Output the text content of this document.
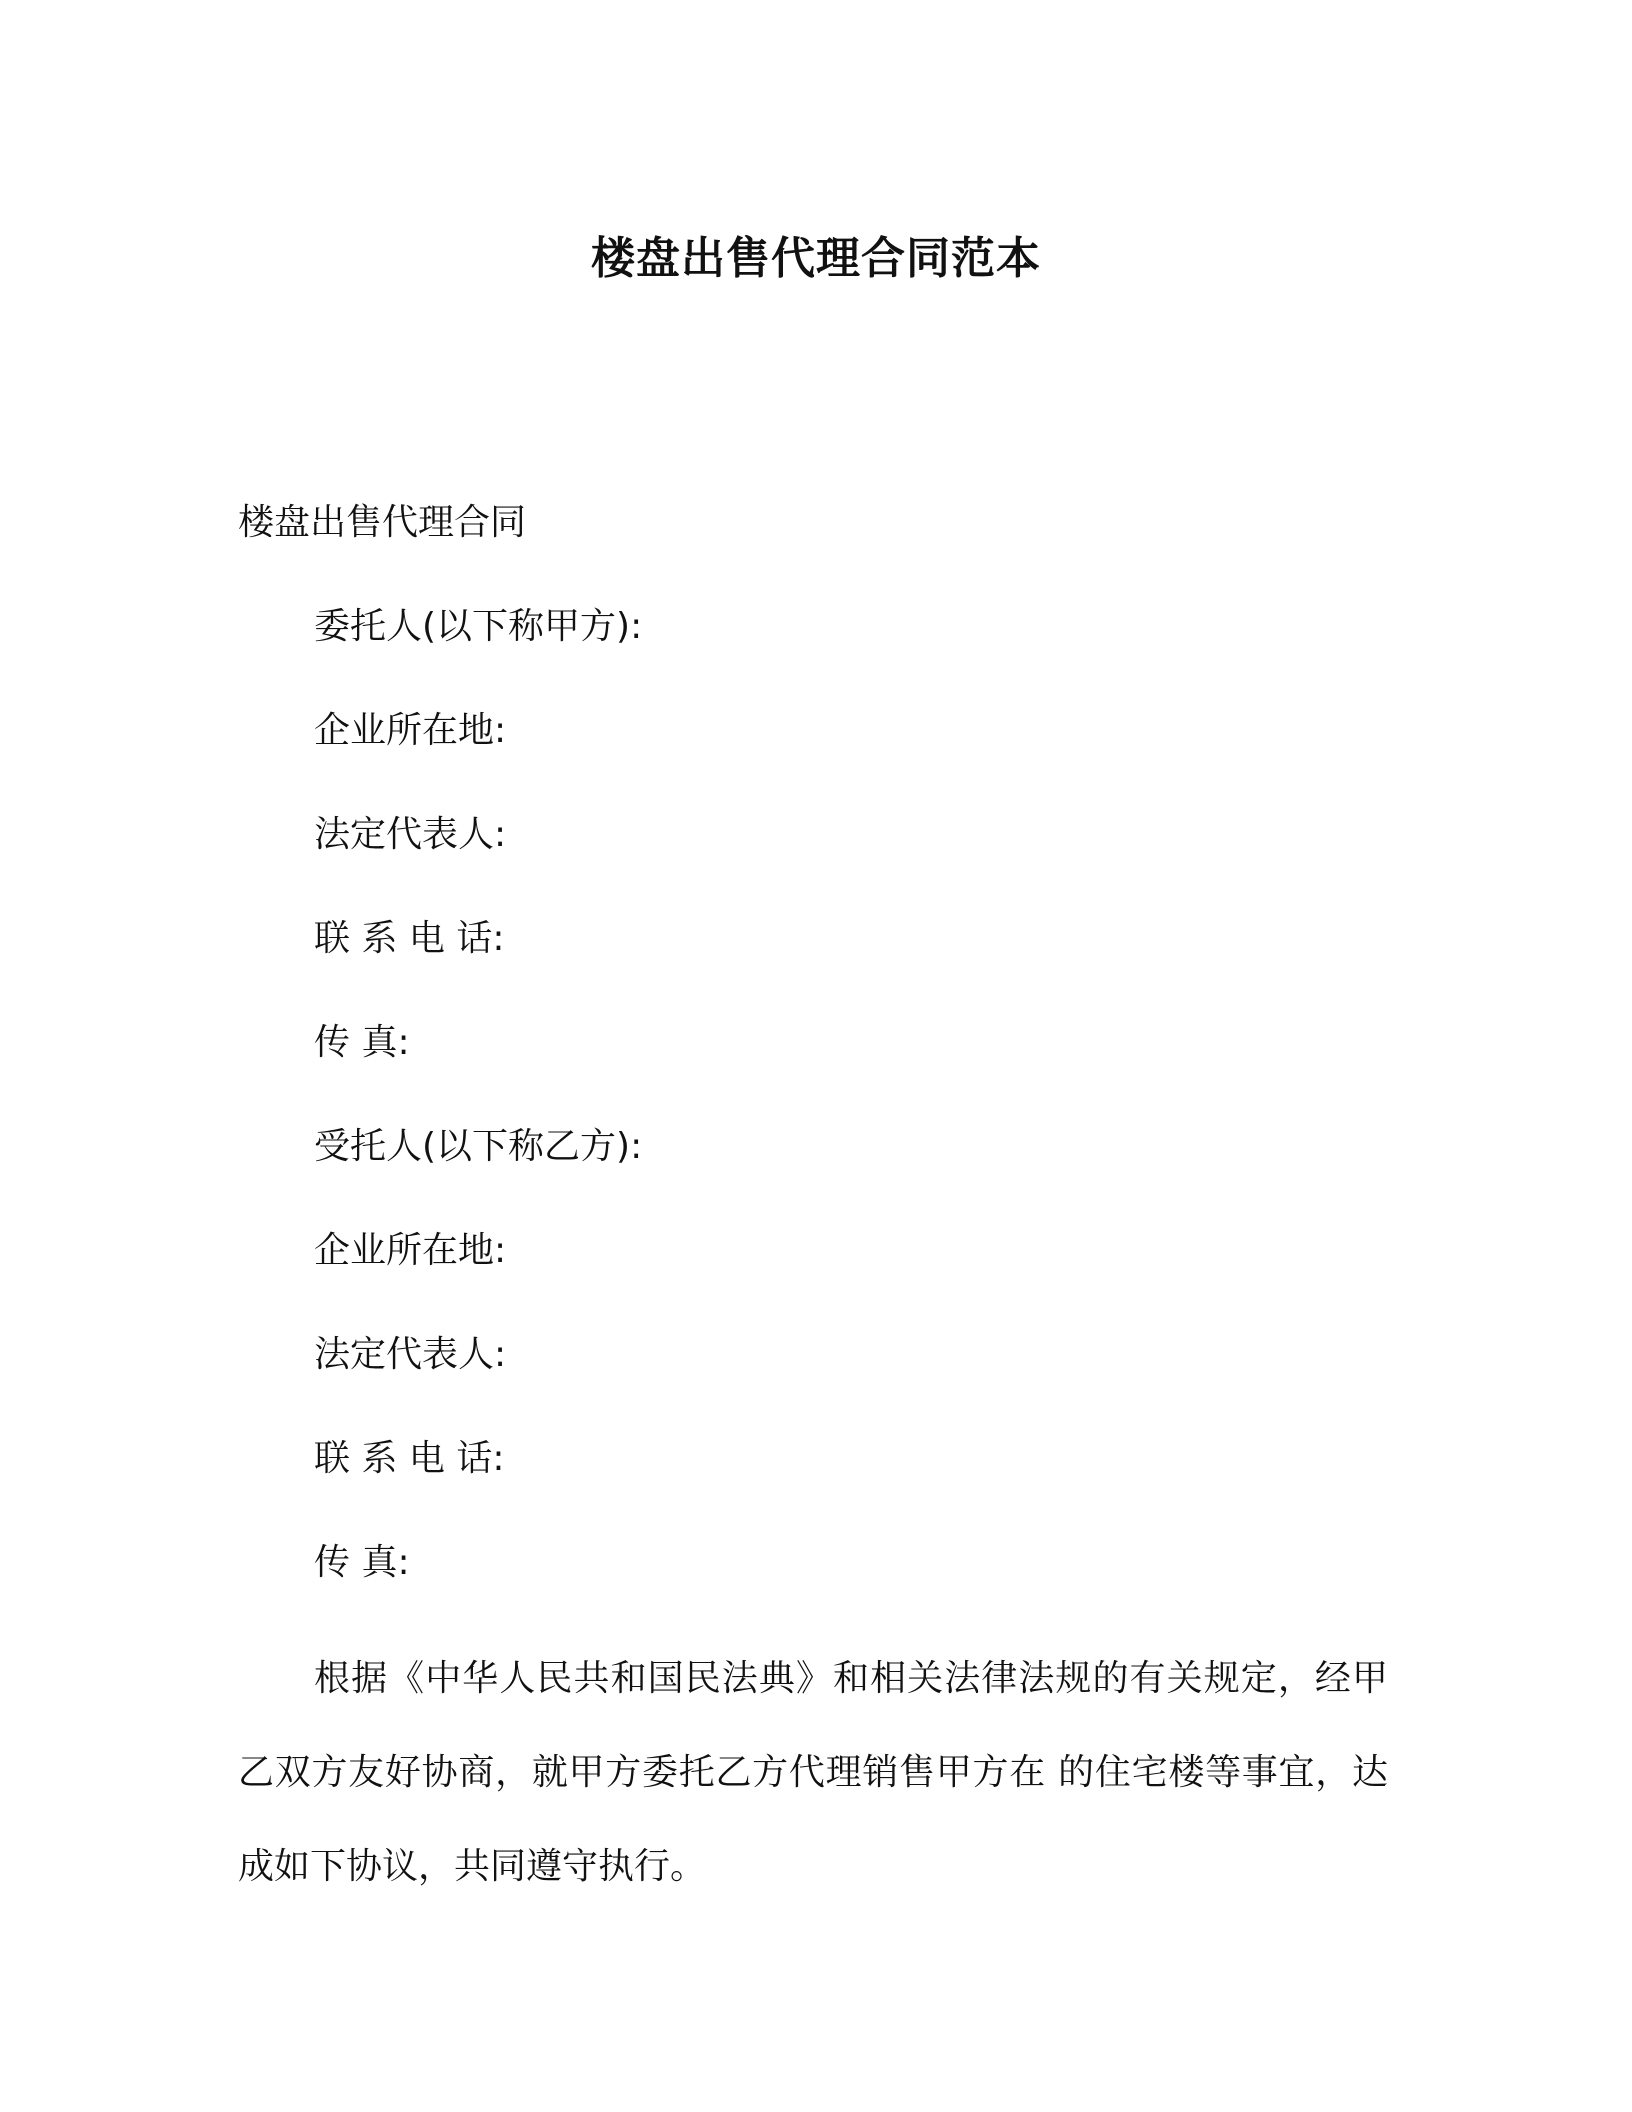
楼盘出售代理合同范本

楼盘出售代理合同

委托人(以下称甲方):

企业所在地:

法定代表人:

联 系 电 话:

传 真:

受托人(以下称乙方):

企业所在地:

法定代表人:

联 系 电 话:

传 真:

根据《中华人民共和国民法典》和相关法律法规的有关规定，经甲乙双方友好协商，就甲方委托乙方代理销售甲方在 的住宅楼等事宜，达成如下协议，共同遵守执行。
